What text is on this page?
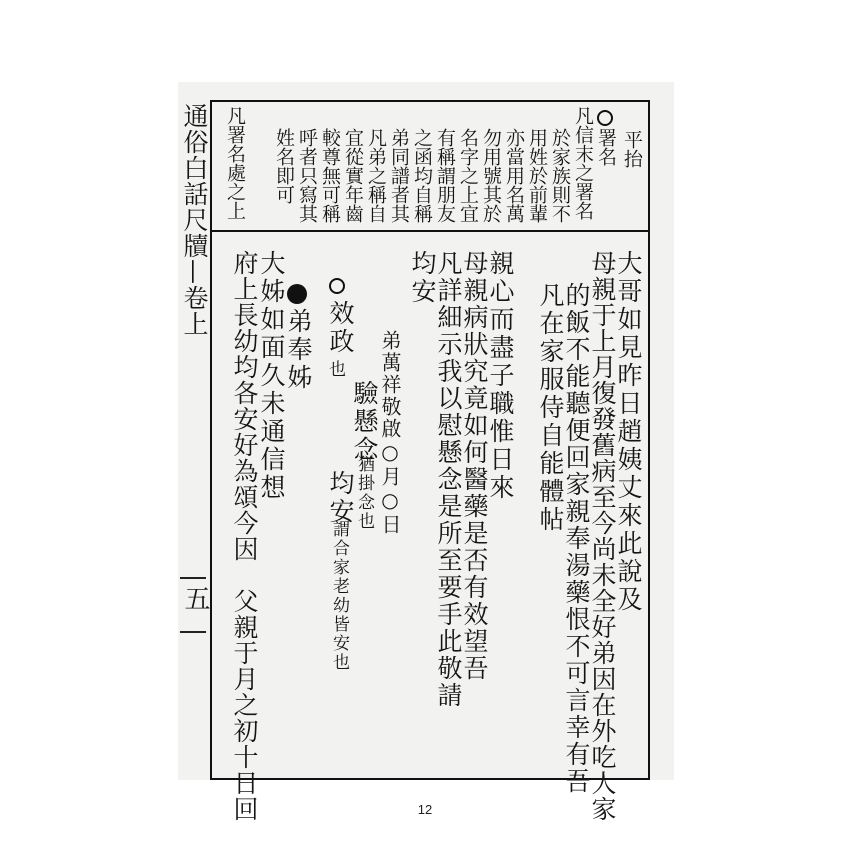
通俗白話尺牘—卷上
五
平抬
署名
凡信末之署名
於家族則不
用姓於前輩
亦當用名萬
勿用號其於
名字之上宜
有稱謂朋友
之函均自稱
弟同譜者其
凡弟之稱自
宜從實年齒
較尊無可稱
呼者只寫其
姓名即可
凡署名處之上
大哥如見昨日趙姨丈來此說及
母親于上月復發舊病至今尚未全好弟因在外吃人家
的飯不能聽便回家親奉湯藥恨不可言幸有吾
凡在家服侍自能體帖
親心而盡子職惟日來
母親病狀究竟如何醫藥是否有效望吾
凡詳細示我以慰懸念是所至要手此敬請
均安
弟萬祥敬啟○月○日
效政
也
驗懸念
猶掛念也
均安
謂合家老幼皆安也
弟奉姊
大姊如面久未通信想
府上長幼均各安好為頌今因　父親于月之初十日回	12
